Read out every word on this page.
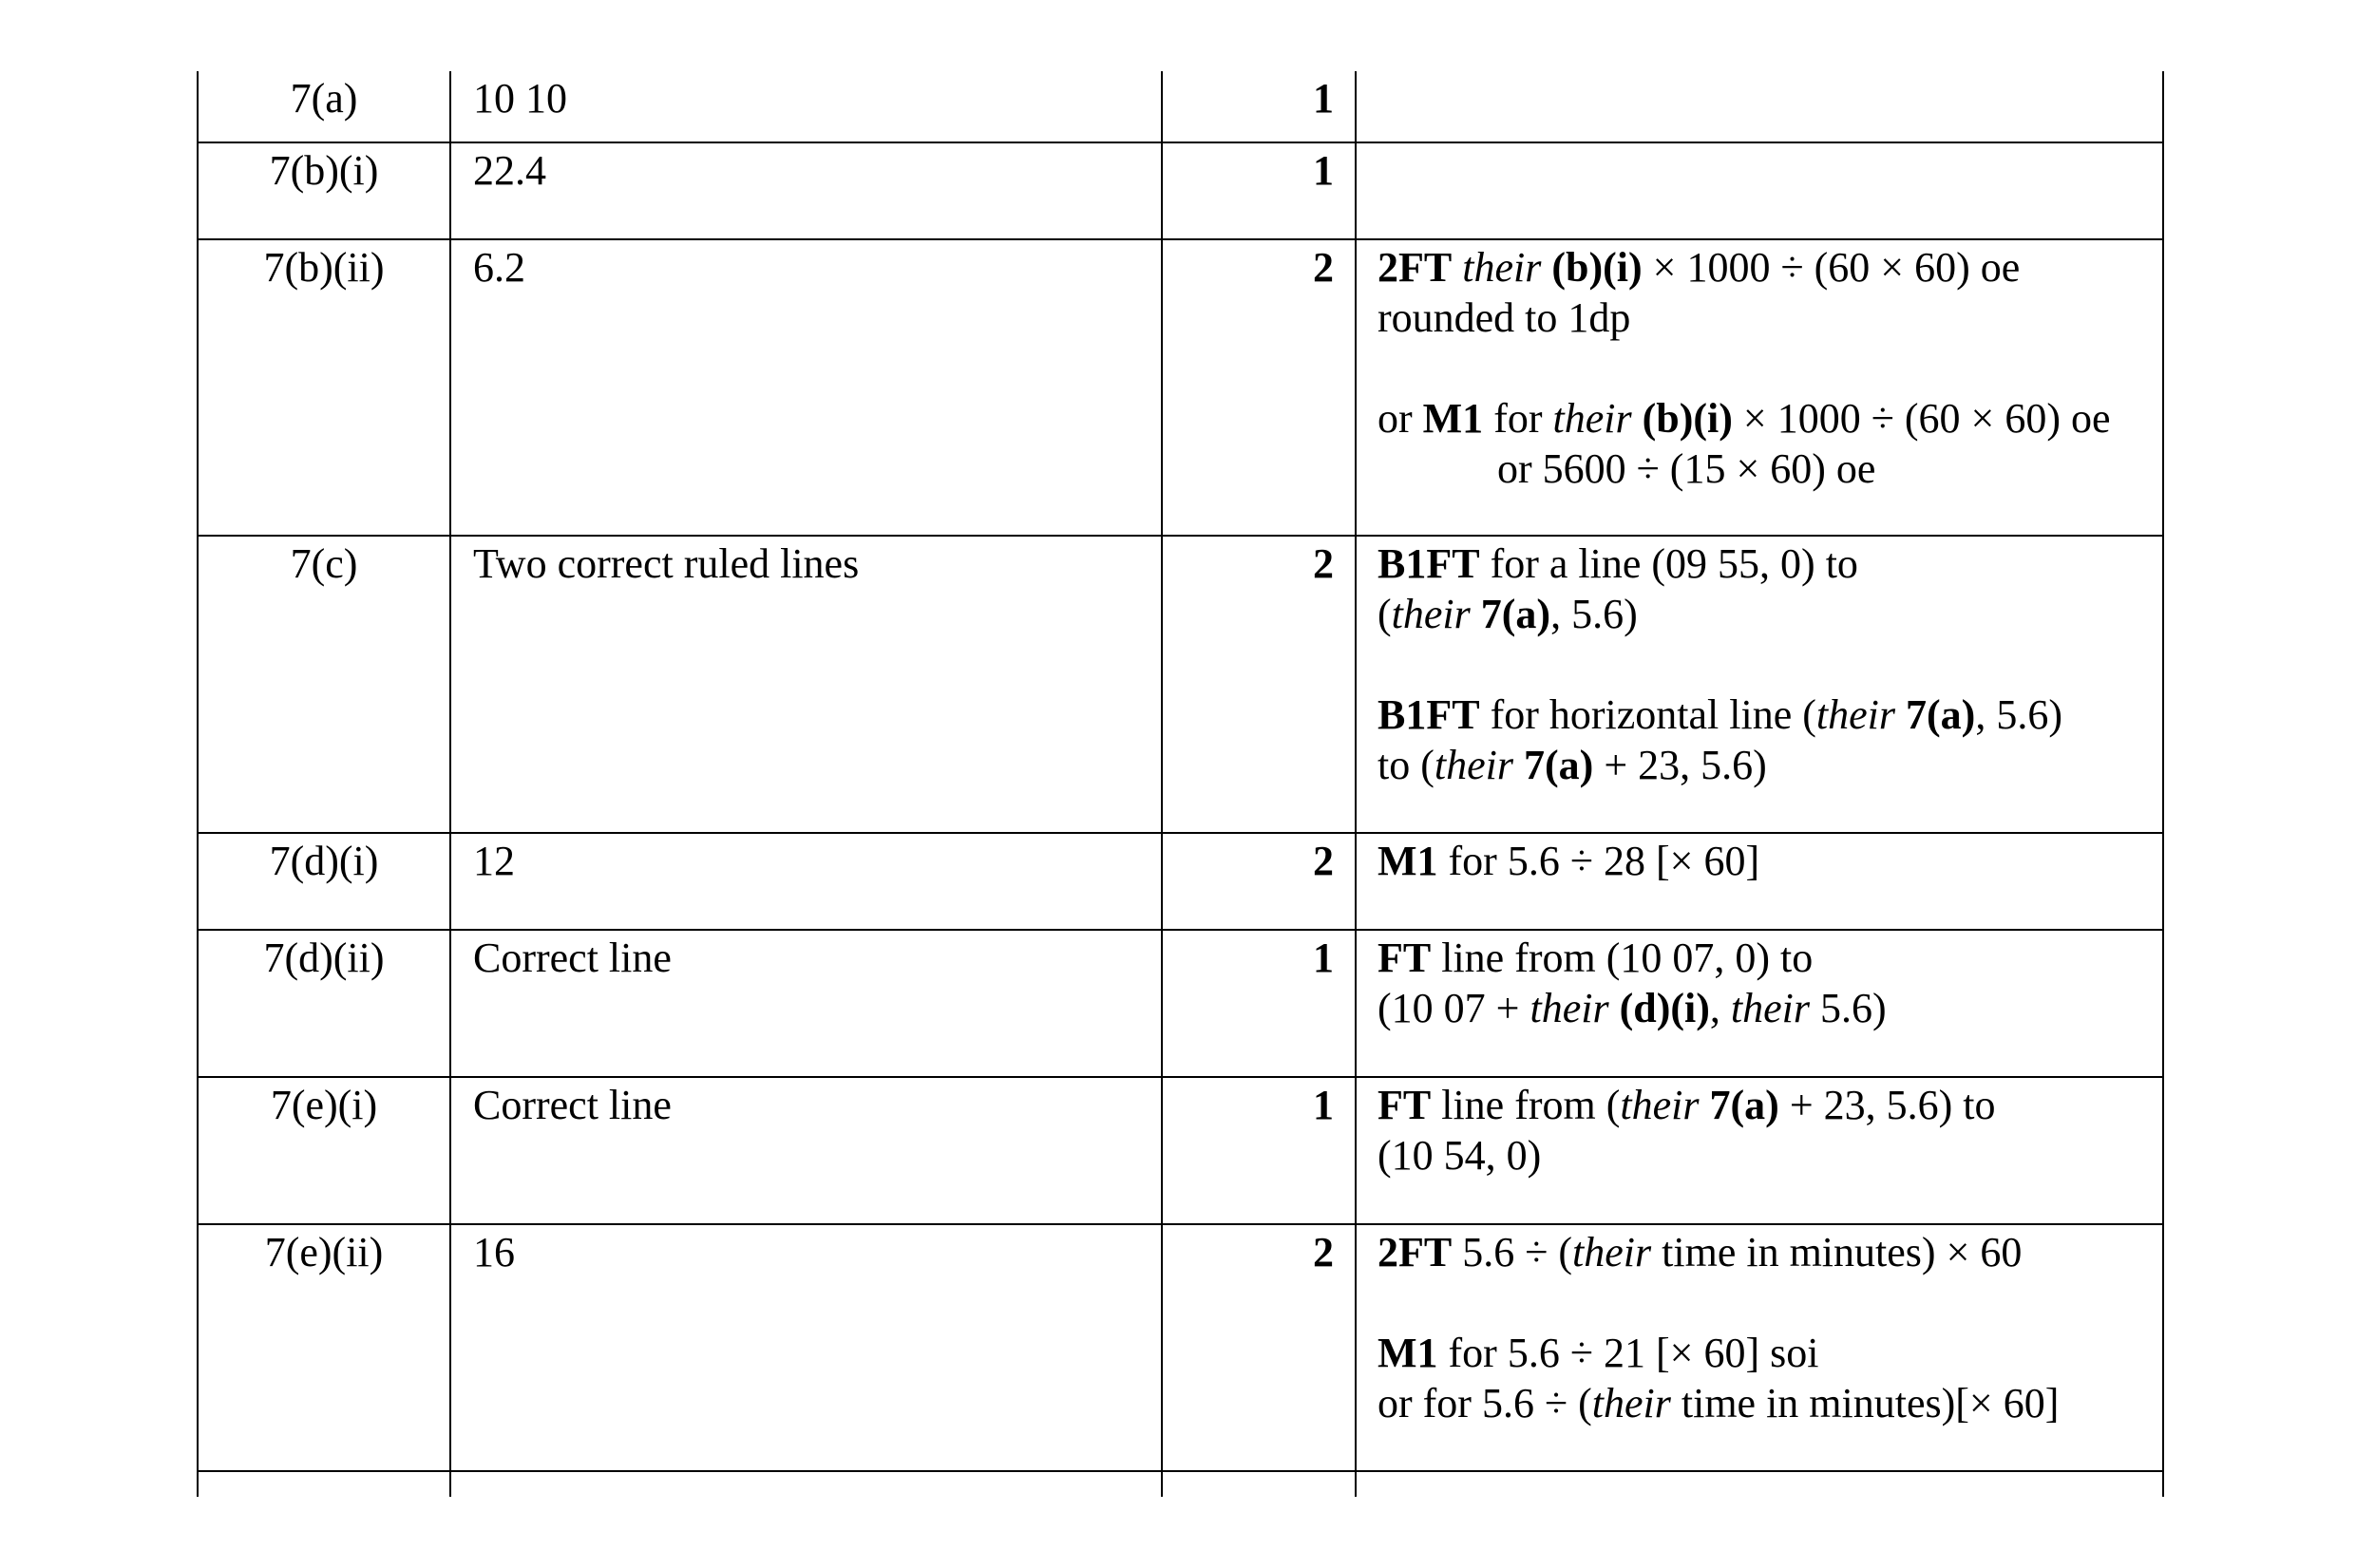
7(a)	10 10	1	
7(b)(i)	22.4	1	
7(b)(ii)	6.2	2	2FT their (b)(i) × 1000 ÷ (60 × 60) oe
rounded to 1dp
or M1 for their (b)(i) × 1000 ÷ (60 × 60) oe
or 5600 ÷ (15 × 60) oe

7(c)	Two correct ruled lines	2	B1FT for a line (09 55, 0) to
(their 7(a), 5.6)
B1FT for horizontal line (their 7(a), 5.6)
to (their 7(a) + 23, 5.6)

7(d)(i)	12	2	M1 for 5.6 ÷ 28 [× 60]

7(d)(ii)	Correct line	1	FT line from (10 07, 0) to
(10 07 + their (d)(i), their 5.6)

7(e)(i)	Correct line	1	FT line from (their 7(a) + 23, 5.6) to
(10 54, 0)

7(e)(ii)	16	2	2FT 5.6 ÷ (their time in minutes) × 60
M1 for 5.6 ÷ 21 [× 60] soi
or for 5.6 ÷ (their time in minutes)[× 60]
